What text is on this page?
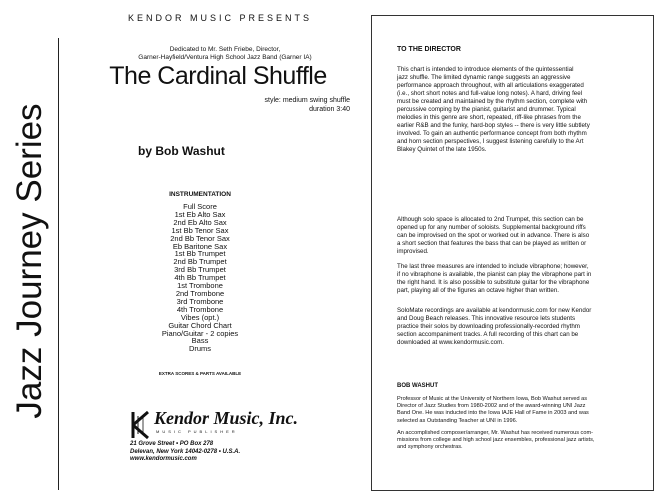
Jazz Journey Series
KENDOR MUSIC PRESENTS
Dedicated to Mr. Seth Friebe, Director,
Garner-Hayfield/Ventura High School Jazz Band (Garner IA)
The Cardinal Shuffle
style: medium swing shuffle
duration 3:40
by Bob Washut
INSTRUMENTATION
Full Score
1st Eb Alto Sax
2nd Eb Alto Sax
1st Bb Tenor Sax
2nd Bb Tenor Sax
Eb Baritone Sax
1st Bb Trumpet
2nd Bb Trumpet
3rd Bb Trumpet
4th Bb Trumpet
1st Trombone
2nd Trombone
3rd Trombone
4th Trombone
Vibes (opt.)
Guitar Chord Chart
Piano/Guitar - 2 copies
Bass
Drums
EXTRA SCORES & PARTS AVAILABLE
Kendor Music, Inc.
MUSIC PUBLISHER
21 Grove Street • PO Box 278
Delevan, New York 14042-0278 • U.S.A.
www.kendormusic.com
TO THE DIRECTOR
This chart is intended to introduce elements of the quintessential
jazz shuffle. The limited dynamic range suggests an aggressive
performance approach throughout, with all articulations exaggerated
(i.e., short short notes and full-value long notes). A hard, driving feel
must be created and maintained by the rhythm section, complete with
percussive comping by the pianist, guitarist and drummer. Typical
melodies in this genre are short, repeated, riff-like phrases from the
earlier R&B and the funky, hard-bop styles -- there is very little subtlety
involved. To gain an authentic performance concept from both rhythm
and horn section perspectives, I suggest listening carefully to the Art
Blakey Quintet of the late 1950s.
Although solo space is allocated to 2nd Trumpet, this section can be
opened up for any number of soloists. Supplemental background riffs
can be improvised on the spot or worked out in advance. There is also
a short section that features the bass that can be played as written or
improvised.
The last three measures are intended to include vibraphone; however,
if no vibraphone is available, the pianist can play the vibraphone part in
the right hand. It is also possible to substitute guitar for the vibraphone
part, playing all of the figures an octave higher than written.
SoloMate recordings are available at kendormusic.com for new Kendor
and Doug Beach releases. This innovative resource lets students
practice their solos by downloading professionally-recorded rhythm
section accompaniment tracks. A full recording of this chart can be
downloaded at www.kendormusic.com.
BOB WASHUT
Professor of Music at the University of Northern Iowa, Bob Washut served as
Director of Jazz Studies from 1980-2002 and of the award-winning UNI Jazz
Band One. He was inducted into the Iowa IAJE Hall of Fame in 2003 and was
selected as Outstanding Teacher at UNI in 1996.
An accomplished composer/arranger, Mr. Washut has received numerous com-
missions from college and high school jazz ensembles, professional jazz artists,
and symphony orchestras.
